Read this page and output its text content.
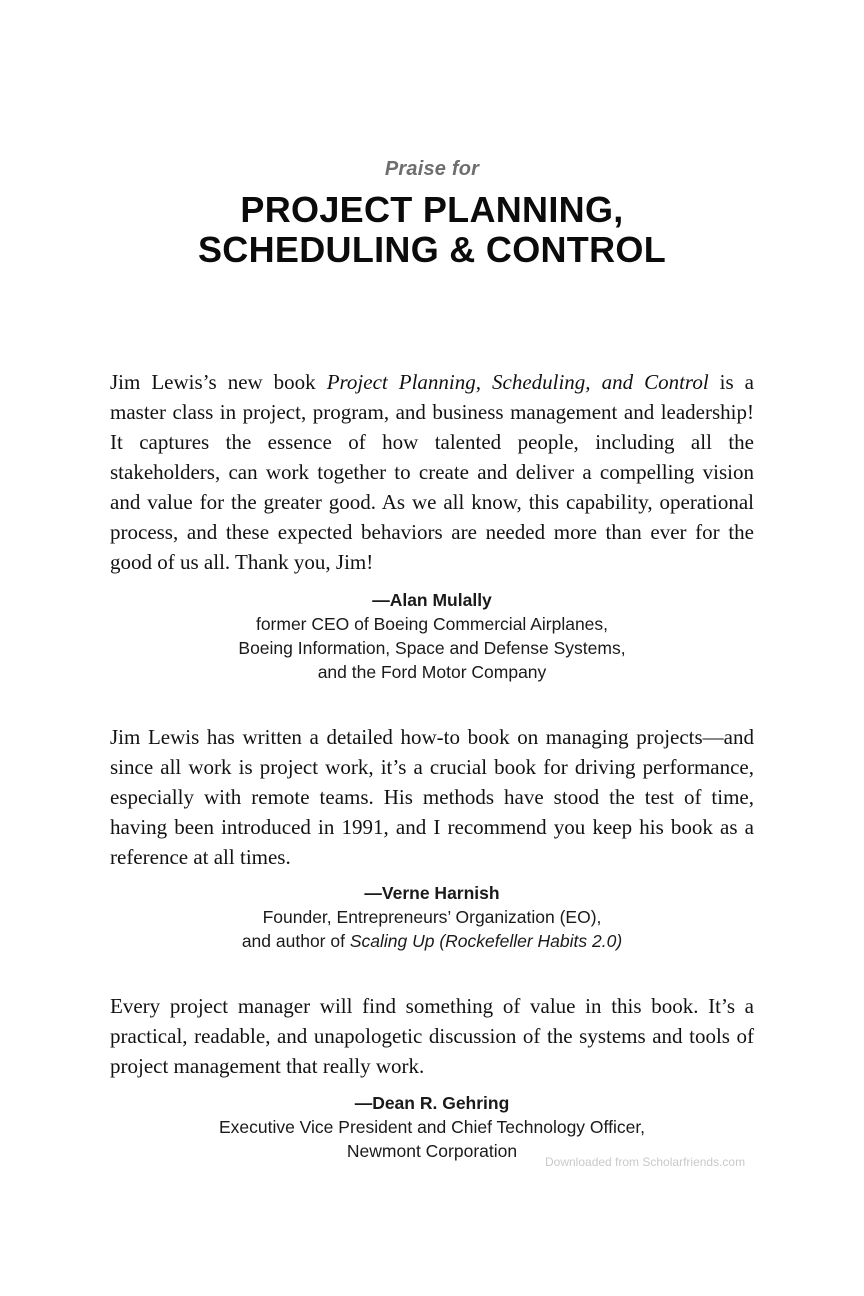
Praise for
PROJECT PLANNING,
SCHEDULING & CONTROL
Jim Lewis’s new book Project Planning, Scheduling, and Control is a master class in project, program, and business management and leadership! It captures the essence of how talented people, including all the stakeholders, can work together to create and deliver a compelling vision and value for the greater good. As we all know, this capability, operational process, and these expected behaviors are needed more than ever for the good of us all. Thank you, Jim!
—Alan Mulally
former CEO of Boeing Commercial Airplanes,
Boeing Information, Space and Defense Systems,
and the Ford Motor Company
Jim Lewis has written a detailed how-to book on managing projects—and since all work is project work, it’s a crucial book for driving performance, especially with remote teams. His methods have stood the test of time, having been introduced in 1991, and I recommend you keep his book as a reference at all times.
—Verne Harnish
Founder, Entrepreneurs’ Organization (EO),
and author of Scaling Up (Rockefeller Habits 2.0)
Every project manager will find something of value in this book. It’s a practical, readable, and unapologetic discussion of the systems and tools of project management that really work.
—Dean R. Gehring
Executive Vice President and Chief Technology Officer,
Newmont Corporation
Downloaded from Scholarfriends.com
